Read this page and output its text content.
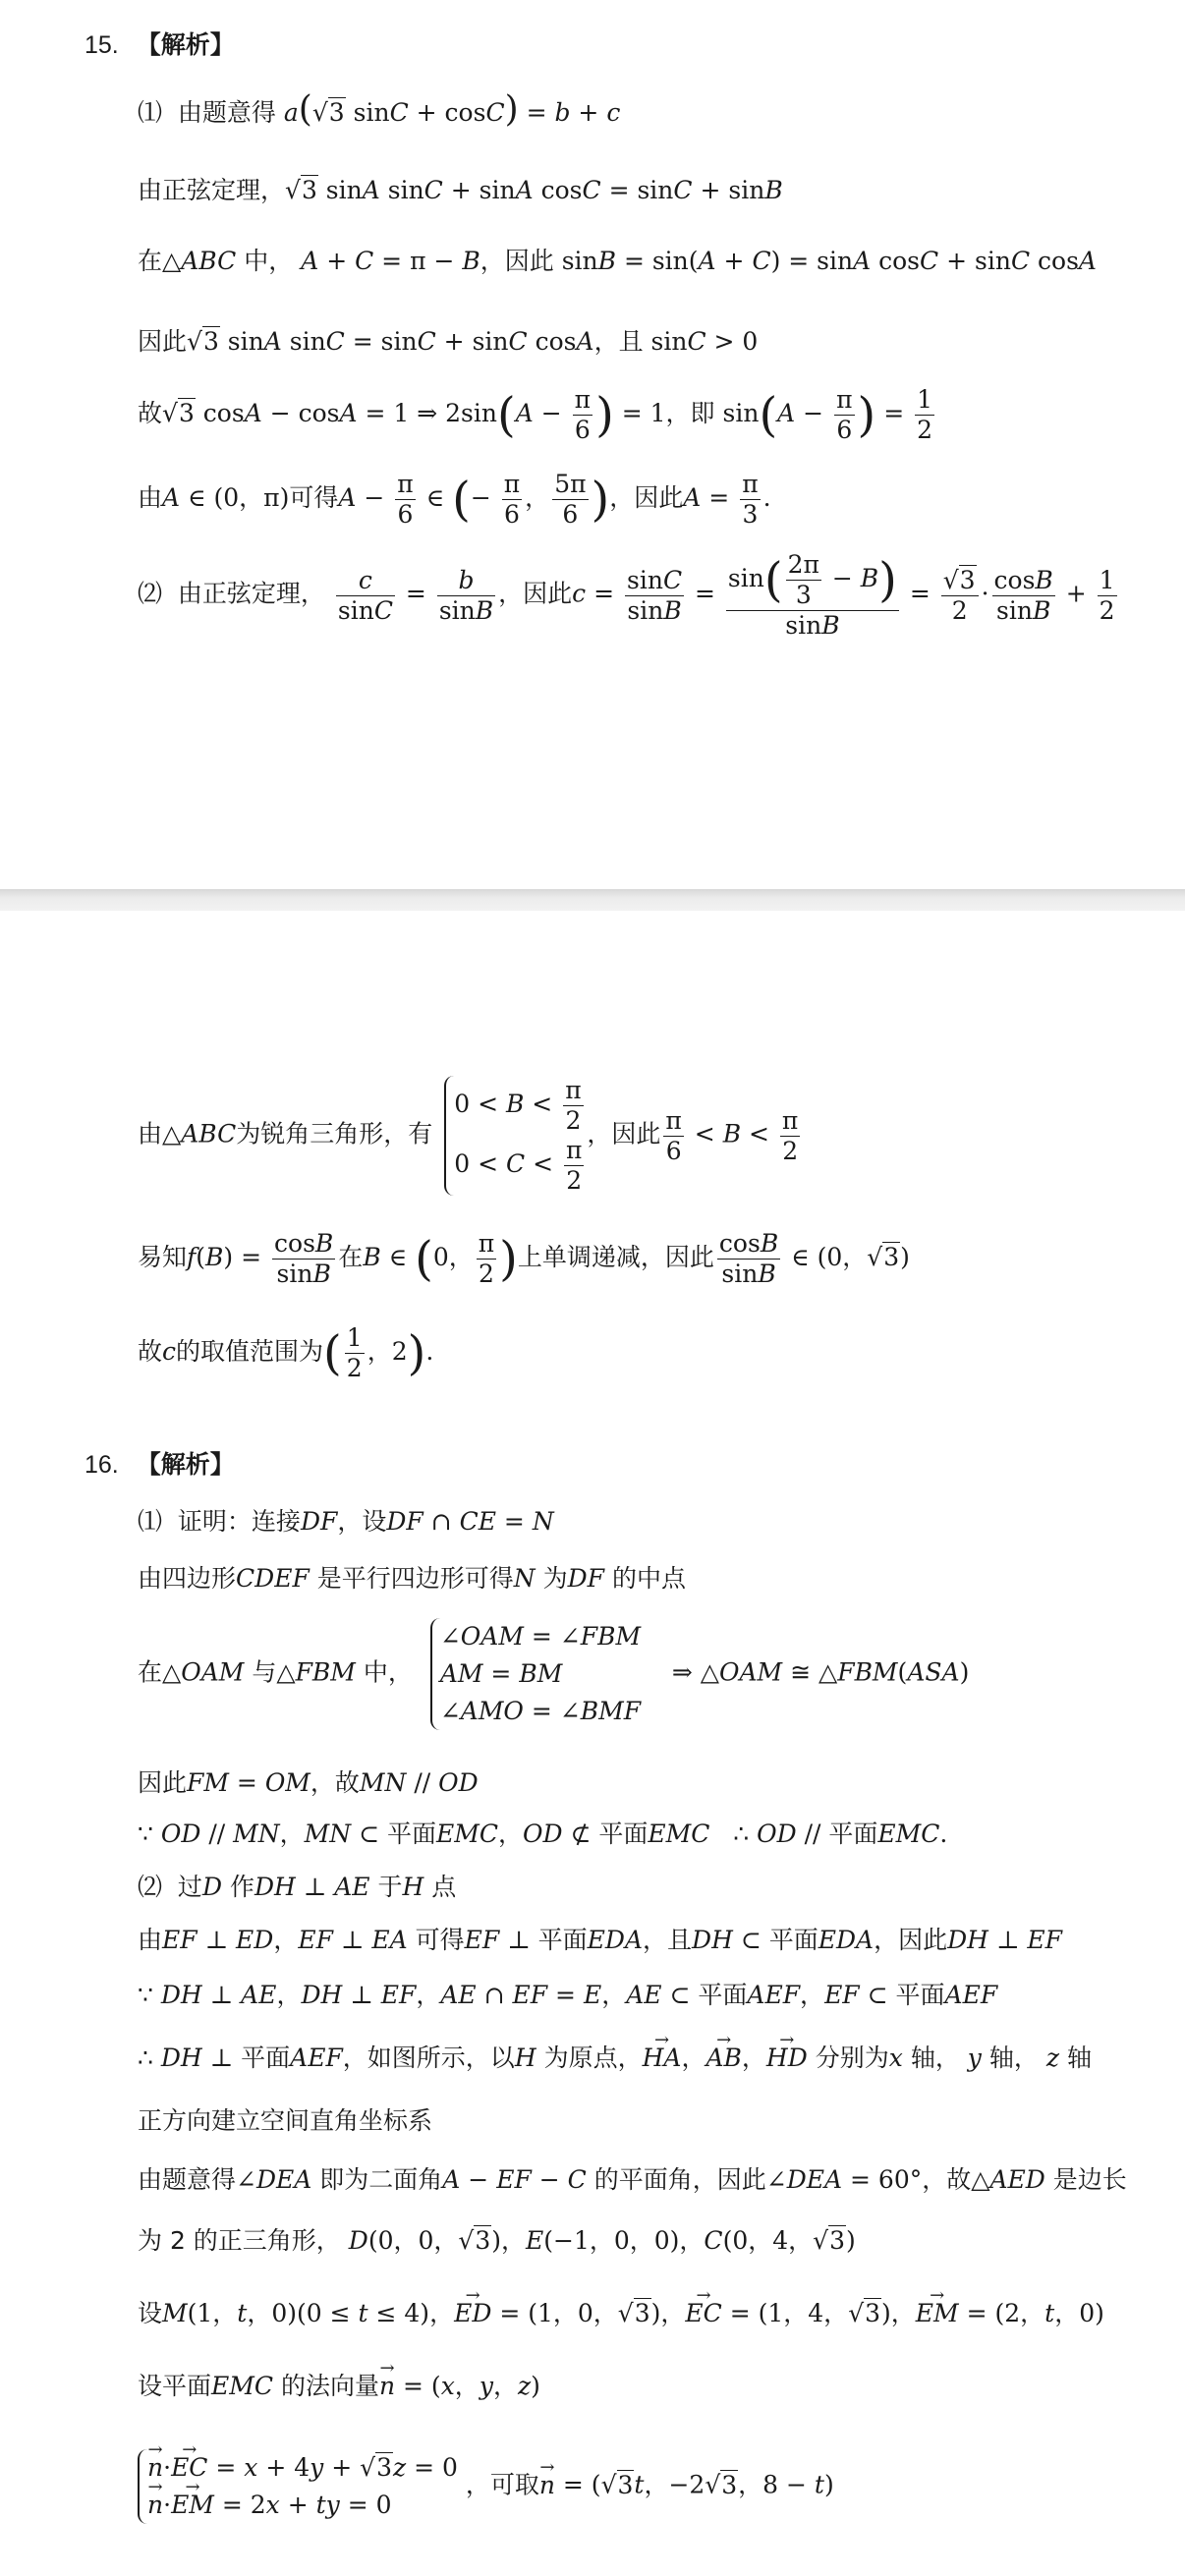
15. 【解析】
⑴ 由题意得 a(√3 sinC + cosC) = b + c
由正弦定理，√3 sinA sinC + sinA cosC = sinC + sinB
在△ABC 中， A + C = π − B，因此 sinB = sin(A + C) = sinA cosC + sinC cosA
因此√3 sinA sinC = sinC + sinC cosA，且 sinC > 0
故√3 cosA − cosA = 1 ⇒ $2\sin(A - \frac{\pi}{6}$ ) = 1，即 $\sin(A - \frac{\pi}{6}$ ) = $\frac{1}{2}$
由A ∈ (0，π)可得$A - \frac{\pi}{6}$ ∈ (− $\frac{\pi}{6}$ ， $\frac{5\pi}{6}$ )，因此$A = \frac{\pi}{3}$ .
⑵ 由正弦定理， $\frac{c}{\sin C} = \frac{b}{\sin B}$ ，因此$c = \frac{\sin C}{\sin B} = \frac{\sin( \frac{2\pi}{3} - B)}{\sin B} = \frac{√3}{2} \cdot \frac{\cos B}{\sin B} + \frac{1}{2}$
由△ABC为锐角三角形，有
$0 < B < \frac{\pi}{2}$
$0 < C < \frac{\pi}{2}$
，因此 $\frac{\pi}{6} < B < \frac{\pi}{2}$
易知$f(B) = \frac{\cos B}{\sin B}$ 在B ∈ (0， $\frac{\pi}{2}$ )上单调递减，因此 $\frac{\cos B}{\sin B}$ ∈ (0，√3)
故c的取值范围为( $\frac{1}{2}$ ，2).
16. 【解析】
⑴ 证明：连接DF，设DF ∩ CE = N
由四边形CDEF 是平行四边形可得N 为DF 的中点
在△OAM 与△FBM 中，
∠OAM = ∠FBM
AM = BM
∠AMO = ∠BMF
⇒ △OAM ≅ △FBM(ASA)
因此FM = OM，故MN // OD
∵ OD // MN，MN ⊂ 平面EMC，OD ⊄ 平面EMC   ∴ OD // 平面EMC.
⑵ 过D 作DH ⊥ AE 于H 点
由EF ⊥ ED，EF ⊥ EA 可得EF ⊥ 平面EDA，且DH ⊂ 平面EDA，因此DH ⊥ EF
∵ DH ⊥ AE，DH ⊥ EF，AE ∩ EF = E，AE ⊂ 平面AEF，EF ⊂ 平面AEF
∴ DH ⊥ 平面AEF，如图所示，以H 为原点，→ HA，→ AB，→ HD 分别为x 轴， y 轴， z 轴
正方向建立空间直角坐标系
由题意得∠DEA 即为二面角A − EF − C 的平面角，因此∠DEA = 60°，故△AED 是边长
为 2 的正三角形， D(0，0，√3)，E(−1，0，0)，C(0，4，√3)
设M(1，t，0)(0 ≤ t ≤ 4)，→ ED = (1，0，√3)，→ EC = (1，4，√3)，→ EM = (2，t，0)
设平面EMC 的法向量→ n = (x，y，z)
→ n·→ EC = x + 4y + √3z = 0
→ n·→ EM = 2x + ty = 0
，可取→ n = (√3t，−2√3，8 − t)
